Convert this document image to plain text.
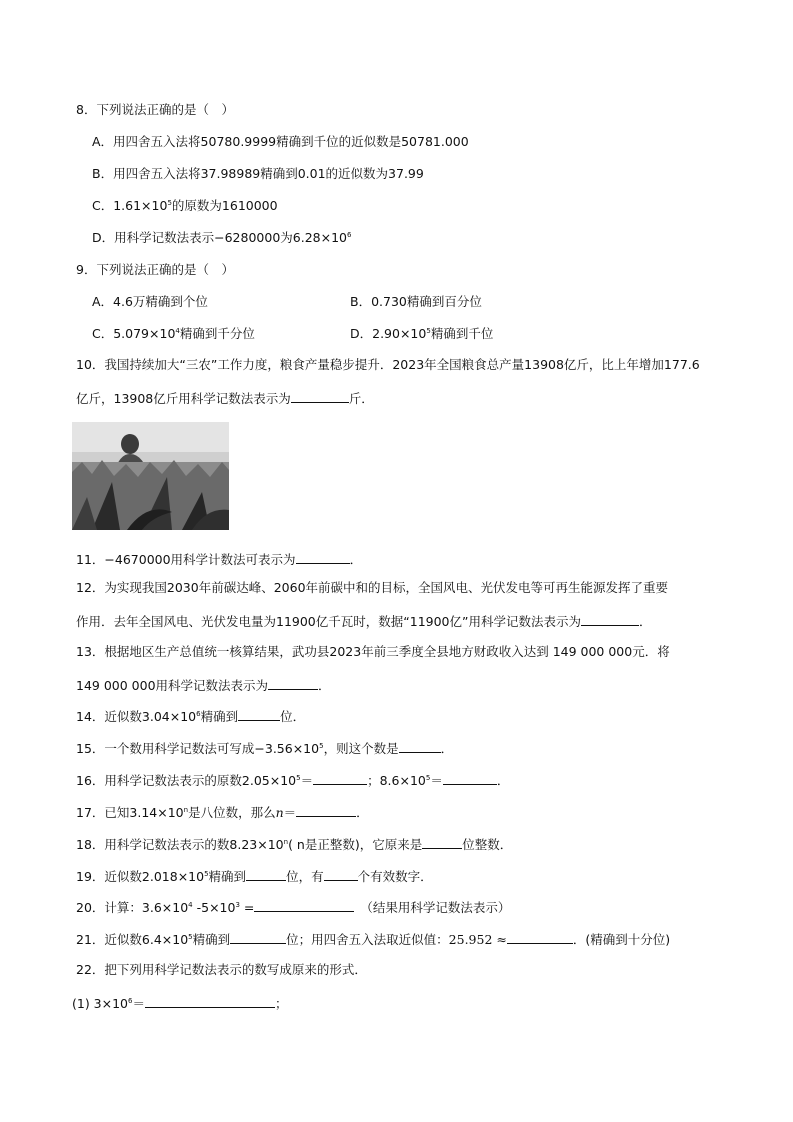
8．下列说法正确的是（　）
A．用四舍五入法将50780.9999精确到千位的近似数是50781.000
B．用四舍五入法将37.98989精确到0.01的近似数为37.99
C．$1.61\times 10^5$的原数为1610000
D．用科学记数法表示−6280000为$6.28\times 10^6$
9．下列说法正确的是（　）
A．4.6万精确到个位	B．0.730精确到百分位
C．$5.079\times 10^4$精确到千分位	D．$2.90\times 10^5$精确到千位
10．我国持续加大“三农”工作力度，粮食产量稳步提升．2023年全国粮食总产量13908亿斤，比上年增加177.6
亿斤，13908亿斤用科学记数法表示为	斤．
11．−4670000用科学计数法可表示为	．
12．为实现我国2030年前碳达峰、2060年前碳中和的目标，全国风电、光伏发电等可再生能源发挥了重要
作用．去年全国风电、光伏发电量为11900亿千瓦时，数据“11900亿”用科学记数法表示为	．
13．根据地区生产总值统一核算结果，武功县2023年前三季度全县地方财政收入达到 149 000 000元．将
149 000 000用科学记数法表示为	．
14．近似数$3.04\times 10^6$精确到	位．
15．一个数用科学记数法可写成$-3.56\times 10^5$，则这个数是	．
16．用科学记数法表示的原数$2.05\times 10^5=$	；$8.6\times 10^5=$	．
17．已知$3.14\times 10^n$是八位数，那么n＝	．
18．用科学记数法表示的数$8.23\times 10^n$( n是正整数)，它原来是	位整数．
19．近似数$2.018\times 10^5$精确到	位，有	个有效数字．
20．计算：$3.6\times 10^4$ $-5\times 10^3$ =	（结果用科学记数法表示）
21．近似数$6.4\times 10^5$精确到	位；用四舍五入法取近似值：25.952 ≈	．(精确到十分位)
22．把下列用科学记数法表示的数写成原来的形式．
(1) $3\times 10^6=$	；
